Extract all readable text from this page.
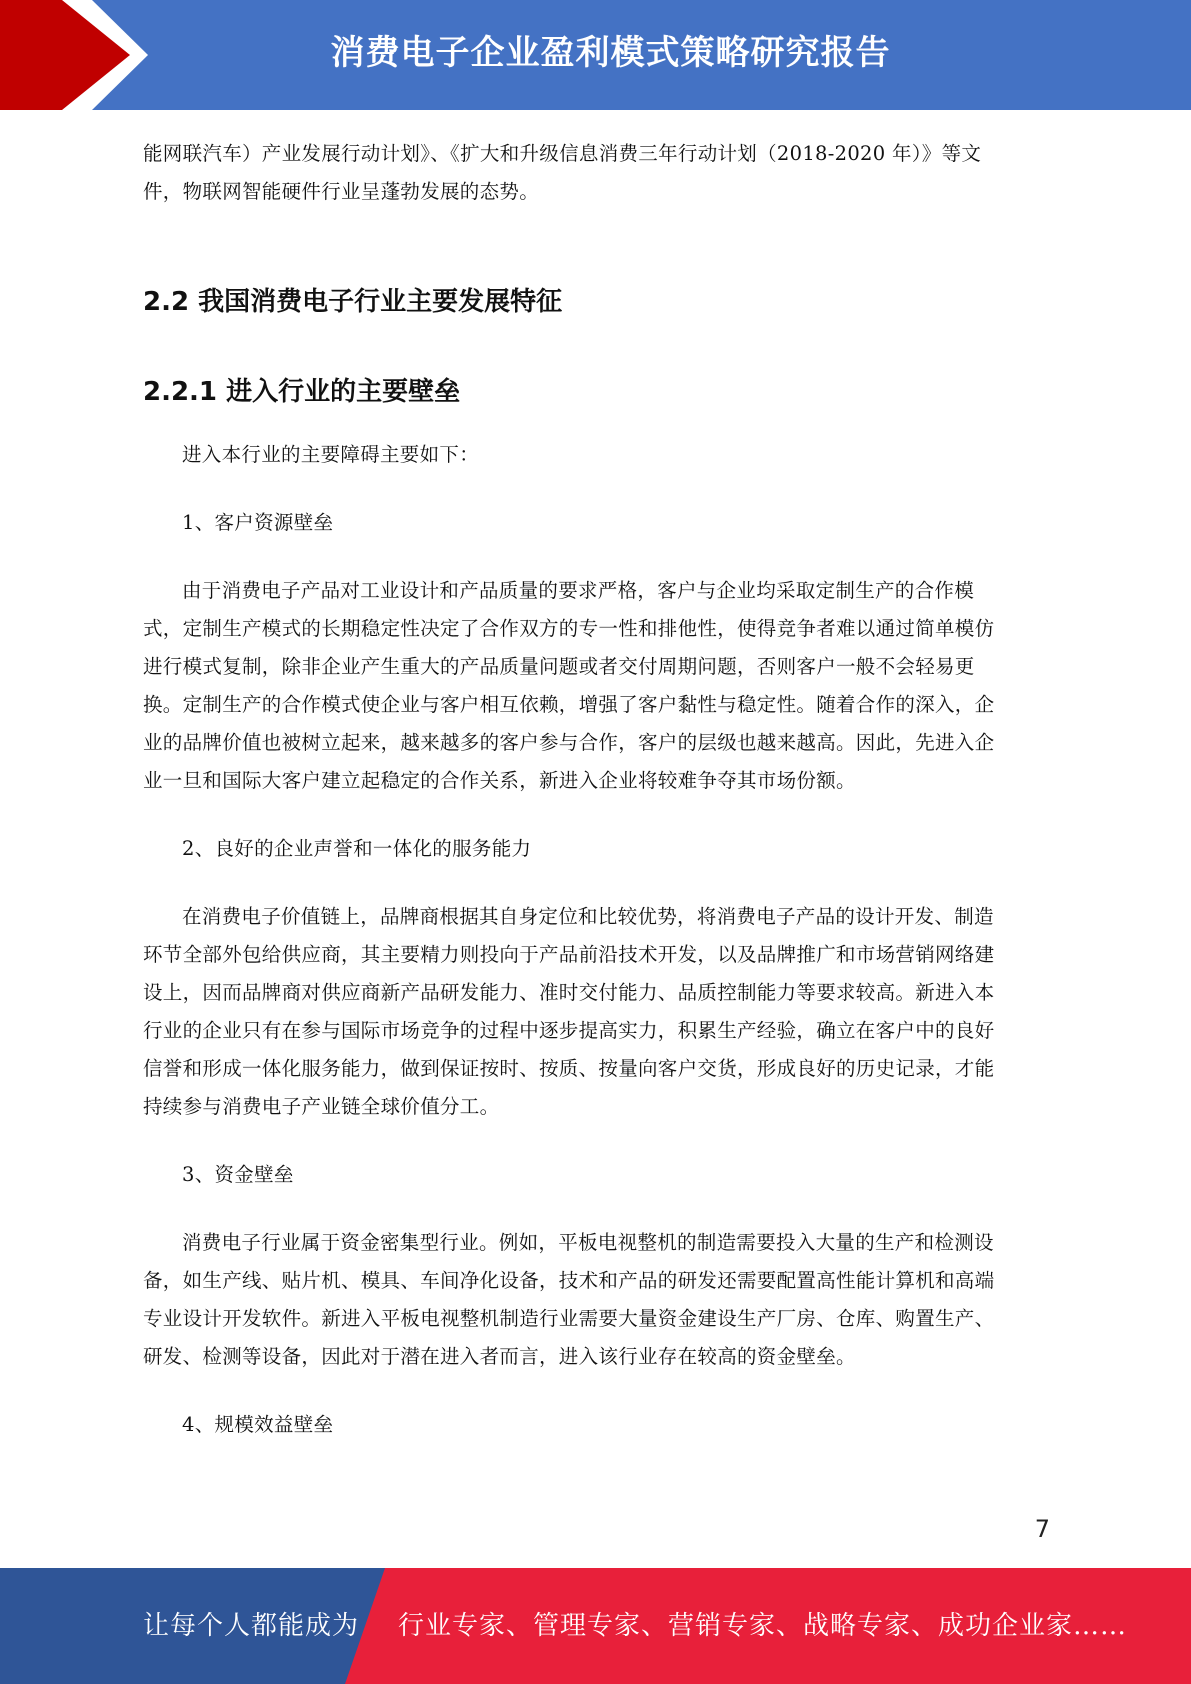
消费电子企业盈利模式策略研究报告

能网联汽车）产业发展行动计划》、《扩大和升级信息消费三年行动计划（2018-2020 年）》等文
件，物联网智能硬件行业呈蓬勃发展的态势。

2.2 我国消费电子行业主要发展特征
2.2.1 进入行业的主要壁垒

进入本行业的主要障碍主要如下：

1、客户资源壁垒

由于消费电子产品对工业设计和产品质量的要求严格，客户与企业均采取定制生产的合作模
式，定制生产模式的长期稳定性决定了合作双方的专一性和排他性，使得竞争者难以通过简单模仿
进行模式复制，除非企业产生重大的产品质量问题或者交付周期问题，否则客户一般不会轻易更
换。定制生产的合作模式使企业与客户相互依赖，增强了客户黏性与稳定性。随着合作的深入，企
业的品牌价值也被树立起来，越来越多的客户参与合作，客户的层级也越来越高。因此，先进入企
业一旦和国际大客户建立起稳定的合作关系，新进入企业将较难争夺其市场份额。

2、良好的企业声誉和一体化的服务能力

在消费电子价值链上，品牌商根据其自身定位和比较优势，将消费电子产品的设计开发、制造
环节全部外包给供应商，其主要精力则投向于产品前沿技术开发，以及品牌推广和市场营销网络建
设上，因而品牌商对供应商新产品研发能力、准时交付能力、品质控制能力等要求较高。新进入本
行业的企业只有在参与国际市场竞争的过程中逐步提高实力，积累生产经验，确立在客户中的良好
信誉和形成一体化服务能力，做到保证按时、按质、按量向客户交货，形成良好的历史记录，才能
持续参与消费电子产业链全球价值分工。

3、资金壁垒

消费电子行业属于资金密集型行业。例如，平板电视整机的制造需要投入大量的生产和检测设
备，如生产线、贴片机、模具、车间净化设备，技术和产品的研发还需要配置高性能计算机和高端
专业设计开发软件。新进入平板电视整机制造行业需要大量资金建设生产厂房、仓库、购置生产、
研发、检测等设备，因此对于潜在进入者而言，进入该行业存在较高的资金壁垒。

4、规模效益壁垒

7
让每个人都能成为 行业专家、管理专家、营销专家、战略专家、成功企业家……
